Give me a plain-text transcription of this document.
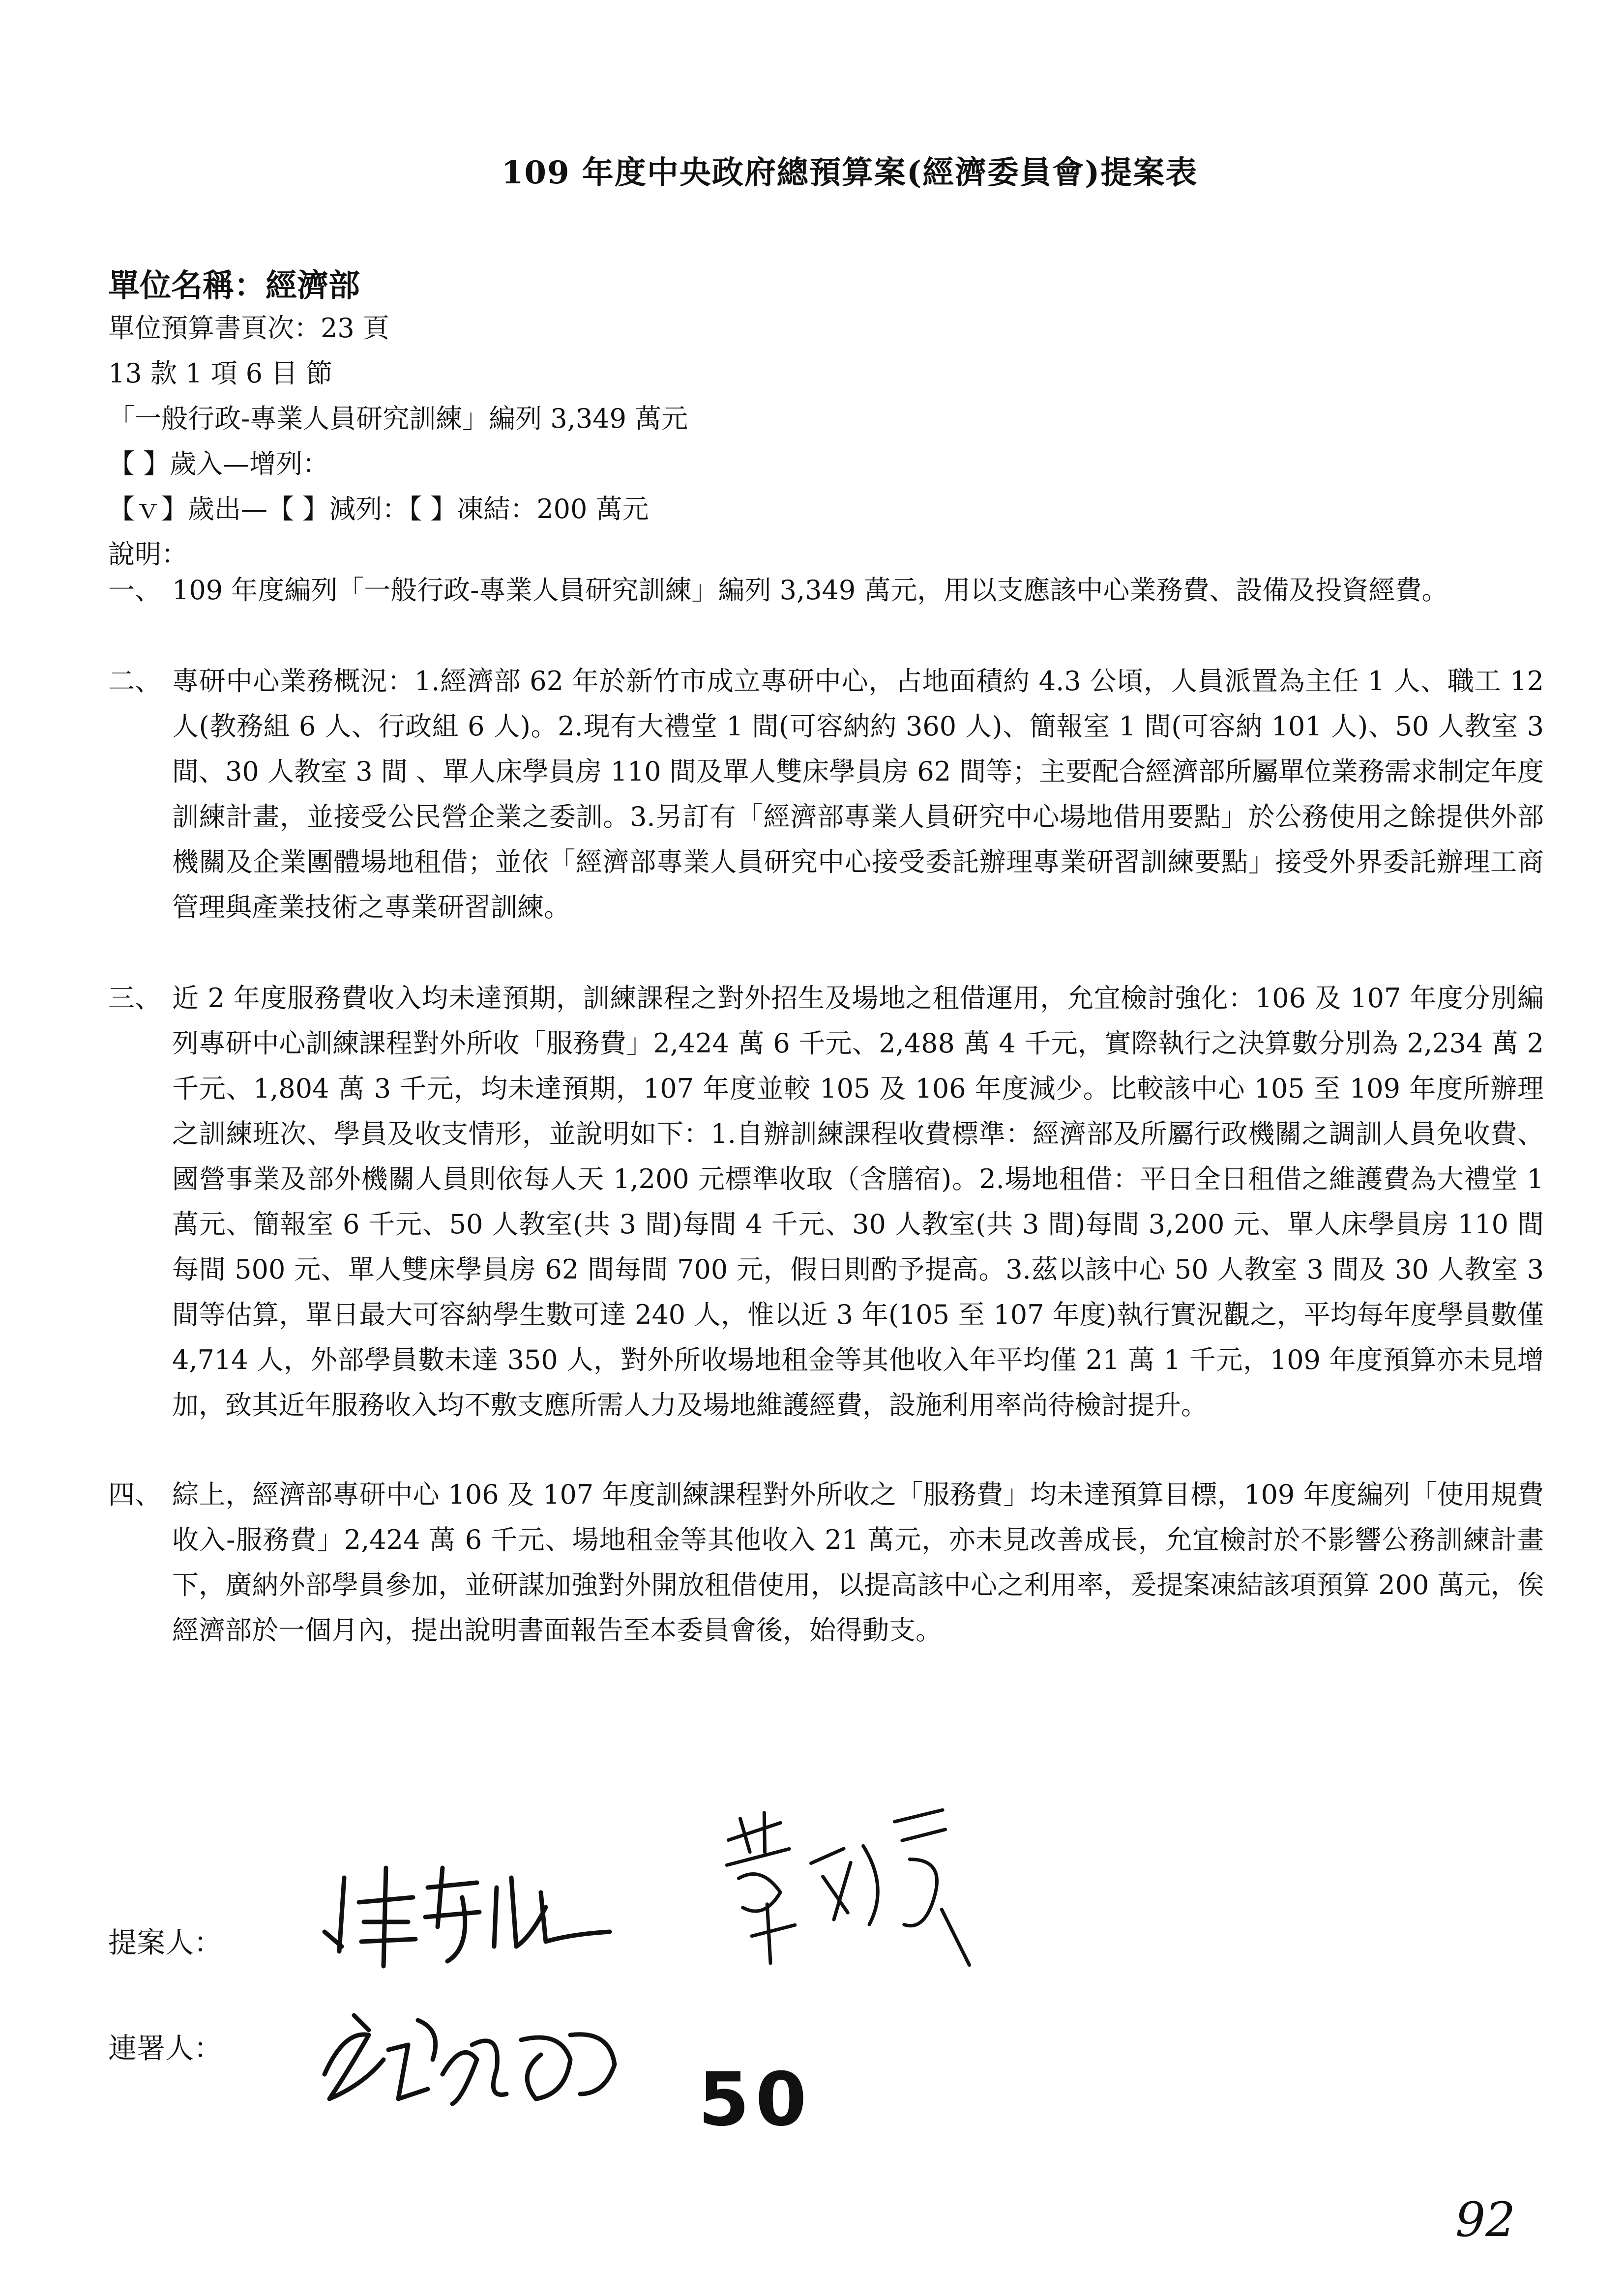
109 年度中央政府總預算案(經濟委員會)提案表
單位名稱：經濟部
單位預算書頁次：23 頁
13 款 1 項 6 目 節
「一般行政-專業人員研究訓練」編列 3,349 萬元
【 】歲入—增列：
【ｖ】歲出—【 】減列：【 】凍結：200 萬元
說明：
一、 109 年度編列「一般行政-專業人員研究訓練」編列 3,349 萬元，用以支應該中心業務費、設備及投資經費。
二、 專研中心業務概況：1.經濟部 62 年於新竹市成立專研中心，占地面積約 4.3 公頃，人員派置為主任 1 人、職工 12 人(教務組 6 人、行政組 6 人)。2.現有大禮堂 1 間(可容納約 360 人)、簡報室 1 間(可容納 101 人)、50 人教室 3 間、30 人教室 3 間 、單人床學員房 110 間及單人雙床學員房 62 間等；主要配合經濟部所屬單位業務需求制定年度訓練計畫，並接受公民營企業之委訓。3.另訂有「經濟部專業人員研究中心場地借用要點」於公務使用之餘提供外部機關及企業團體場地租借；並依「經濟部專業人員研究中心接受委託辦理專業研習訓練要點」接受外界委託辦理工商管理與產業技術之專業研習訓練。
三、 近 2 年度服務費收入均未達預期，訓練課程之對外招生及場地之租借運用，允宜檢討強化：106 及 107 年度分別編列專研中心訓練課程對外所收「服務費」2,424 萬 6 千元、2,488 萬 4 千元，實際執行之決算數分別為 2,234 萬 2 千元、1,804 萬 3 千元，均未達預期，107 年度並較 105 及 106 年度減少。比較該中心 105 至 109 年度所辦理之訓練班次、學員及收支情形，並說明如下：1.自辦訓練課程收費標準：經濟部及所屬行政機關之調訓人員免收費、國營事業及部外機關人員則依每人天 1,200 元標準收取（含膳宿)。2.場地租借：平日全日租借之維護費為大禮堂 1 萬元、簡報室 6 千元、50 人教室(共 3 間)每間 4 千元、30 人教室(共 3 間)每間 3,200 元、單人床學員房 110 間每間 500 元、單人雙床學員房 62 間每間 700 元，假日則酌予提高。3.茲以該中心 50 人教室 3 間及 30 人教室 3 間等估算，單日最大可容納學生數可達 240 人，惟以近 3 年(105 至 107 年度)執行實況觀之，平均每年度學員數僅 4,714 人，外部學員數未達 350 人，對外所收場地租金等其他收入年平均僅 21 萬 1 千元，109 年度預算亦未見增加，致其近年服務收入均不敷支應所需人力及場地維護經費，設施利用率尚待檢討提升。
四、 綜上，經濟部專研中心 106 及 107 年度訓練課程對外所收之「服務費」均未達預算目標，109 年度編列「使用規費收入-服務費」2,424 萬 6 千元、場地租金等其他收入 21 萬元，亦未見改善成長，允宜檢討於不影響公務訓練計畫下，廣納外部學員參加，並研謀加強對外開放租借使用，以提高該中心之利用率，爰提案凍結該項預算 200 萬元，俟經濟部於一個月內，提出說明書面報告至本委員會後，始得動支。
提案人：
連署人：
50
92
